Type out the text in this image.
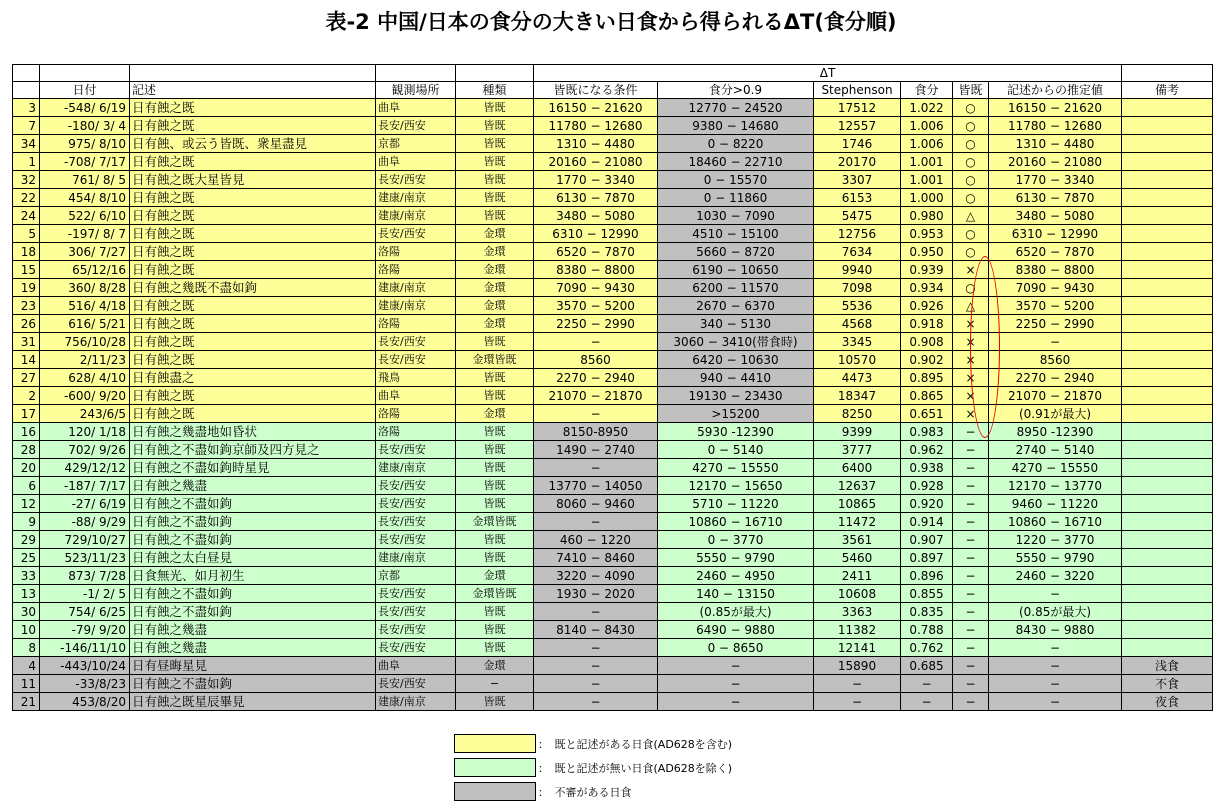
表-2 中国/日本の食分の大きい日食から得られるΔT(食分順)
					ΔT						
	日付	記述	観測場所	種類	皆既になる条件	食分>0.9	Stephenson	食分	皆既	記述からの推定値	備考
3	-548/ 6/19	日有蝕之既	曲阜	皆既	16150 − 21620	12770 − 24520	17512	1.022	○	16150 − 21620	
7	-180/ 3/ 4	日有蝕之既	長安/西安	皆既	11780 − 12680	9380 − 14680	12557	1.006	○	11780 − 12680	
34	975/ 8/10	日有蝕、或云う皆既、衆星盡見	京都	皆既	1310 − 4480	0 − 8220	1746	1.006	○	1310 − 4480	
1	-708/ 7/17	日有蝕之既	曲阜	皆既	20160 − 21080	18460 − 22710	20170	1.001	○	20160 − 21080	
32	761/ 8/ 5	日有蝕之既大星皆見	長安/西安	皆既	1770 − 3340	0 − 15570	3307	1.001	○	1770 − 3340	
22	454/ 8/10	日有蝕之既	建康/南京	皆既	6130 − 7870	0 − 11860	6153	1.000	○	6130 − 7870	
24	522/ 6/10	日有蝕之既	建康/南京	皆既	3480 − 5080	1030 − 7090	5475	0.980	△	3480 − 5080	
5	-197/ 8/ 7	日有蝕之既	長安/西安	金環	6310 − 12990	4510 − 15100	12756	0.953	○	6310 − 12990	
18	306/ 7/27	日有蝕之既	洛陽	金環	6520 − 7870	5660 − 8720	7634	0.950	○	6520 − 7870	
15	65/12/16	日有蝕之既	洛陽	金環	8380 − 8800	6190 − 10650	9940	0.939	×	8380 − 8800	
19	360/ 8/28	日有蝕之幾既不盡如鉤	建康/南京	金環	7090 − 9430	6200 − 11570	7098	0.934	○	7090 − 9430	
23	516/ 4/18	日有蝕之既	建康/南京	金環	3570 − 5200	2670 − 6370	5536	0.926	△	3570 − 5200	
26	616/ 5/21	日有蝕之既	洛陽	金環	2250 − 2990	340 − 5130	4568	0.918	×	2250 − 2990	
31	756/10/28	日有蝕之既	長安/西安	皆既	−	3060 − 3410(帯食時)	3345	0.908	×	−	
14	2/11/23	日有蝕之既	長安/西安	金環皆既	8560	6420 − 10630	10570	0.902	×	8560	
27	628/ 4/10	日有蝕盡之	飛鳥	皆既	2270 − 2940	940 − 4410	4473	0.895	×	2270 − 2940	
2	-600/ 9/20	日有蝕之既	曲阜	皆既	21070 − 21870	19130 − 23430	18347	0.865	×	21070 − 21870	
17	243/6/5	日有蝕之既	洛陽	金環	−	>15200	8250	0.651	×	(0.91が最大)	
16	120/ 1/18	日有蝕之幾盡地如昏状	洛陽	皆既	8150-8950	5930 -12390	9399	0.983	−	8950 -12390	
28	702/ 9/26	日有蝕之不盡如鉤京師及四方見之	長安/西安	皆既	1490 − 2740	0 − 5140	3777	0.962	−	2740 − 5140	
20	429/12/12	日有蝕之不盡如鉤時星見	建康/南京	皆既	−	4270 − 15550	6400	0.938	−	4270 − 15550	
6	-187/ 7/17	日有蝕之幾盡	長安/西安	皆既	13770 − 14050	12170 − 15650	12637	0.928	−	12170 − 13770	
12	-27/ 6/19	日有蝕之不盡如鉤	長安/西安	皆既	8060 − 9460	5710 − 11220	10865	0.920	−	9460 − 11220	
9	-88/ 9/29	日有蝕之不盡如鉤	長安/西安	金環皆既	−	10860 − 16710	11472	0.914	−	10860 − 16710	
29	729/10/27	日有蝕之不盡如鉤	長安/西安	皆既	460 − 1220	0 − 3770	3561	0.907	−	1220 − 3770	
25	523/11/23	日有蝕之太白昼見	建康/南京	皆既	7410 − 8460	5550 − 9790	5460	0.897	−	5550 − 9790	
33	873/ 7/28	日食無光、如月初生	京都	金環	3220 − 4090	2460 − 4950	2411	0.896	−	2460 − 3220	
13	-1/ 2/ 5	日有蝕之不盡如鉤	長安/西安	金環皆既	1930 − 2020	140 − 13150	10608	0.855	−	−	
30	754/ 6/25	日有蝕之不盡如鉤	長安/西安	皆既	−	(0.85が最大)	3363	0.835	−	(0.85が最大)	
10	-79/ 9/20	日有蝕之幾盡	長安/西安	皆既	8140 − 8430	6490 − 9880	11382	0.788	−	8430 − 9880	
8	-146/11/10	日有蝕之幾盡	長安/西安	皆既	−	0 − 8650	12141	0.762	−	−	
4	-443/10/24	日有昼晦星見	曲阜	金環	−	−	15890	0.685	−	−	浅食
11	-33/8/23	日有蝕之不盡如鉤	長安/西安	−	−	−	−	−	−	−	不食
21	453/8/20	日有蝕之既星辰畢見	建康/南京	皆既	−	−	−	−	−	−	夜食
：　既と記述がある日食(AD628を含む)
：　既と記述が無い日食(AD628を除く)
：　不審がある日食
